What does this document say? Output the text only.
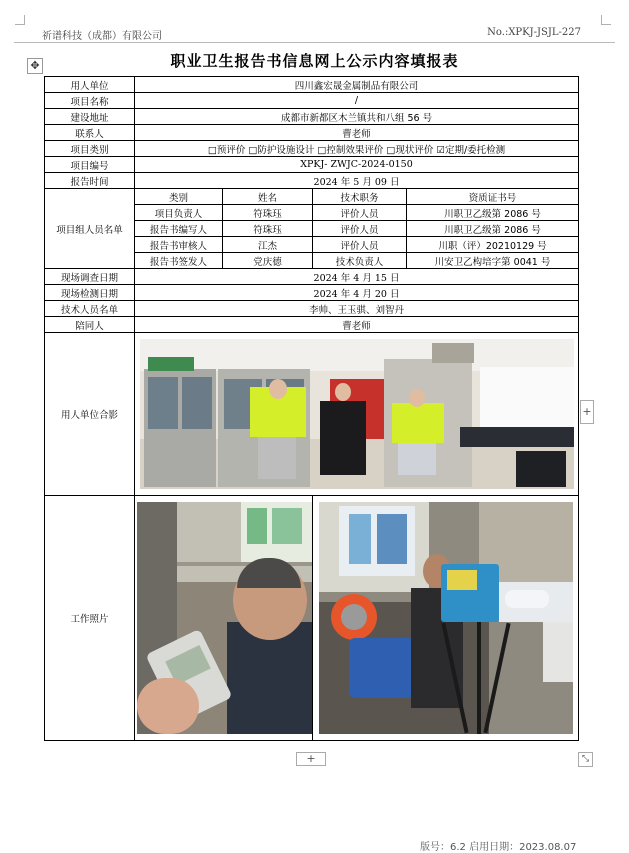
祈谱科技（成都）有限公司	No.:XPKJ-JSJL-227
职业卫生报告书信息网上公示内容填报表
✥
用人单位	四川鑫宏晟金属制品有限公司			
项目名称	/			
建设地址	成都市新都区木兰镇共和八组 56 号			
联系人	曹老师			
项目类别	□预评价 □防护设施设计 □控制效果评价 □现状评价 ☑定期/委托检测			
项目编号	XPKJ- ZWJC-2024-0150			
报告时间	2024 年 5 月 09 日			
项目组人员名单	类别	姓名	技术职务	资质证书号
	项目负责人	符珠珏	评价人员	川职卫乙级第 2086 号
	报告书编写人	符珠珏	评价人员	川职卫乙级第 2086 号
	报告书审核人	江杰	评价人员	川职（评）20210129 号
	报告书签发人	党庆德	技术负责人	川安卫乙构培字第 0041 号
现场调查日期	2024 年 4 月 15 日			
现场检测日期	2024 年 4 月 20 日			
技术人员名单	李帅、王玉骐、刘智丹			
陪同人	曹老师			
用人单位合影				

工作照片			

+
+	⤡
版号：6.2 启用日期：2023.08.07
